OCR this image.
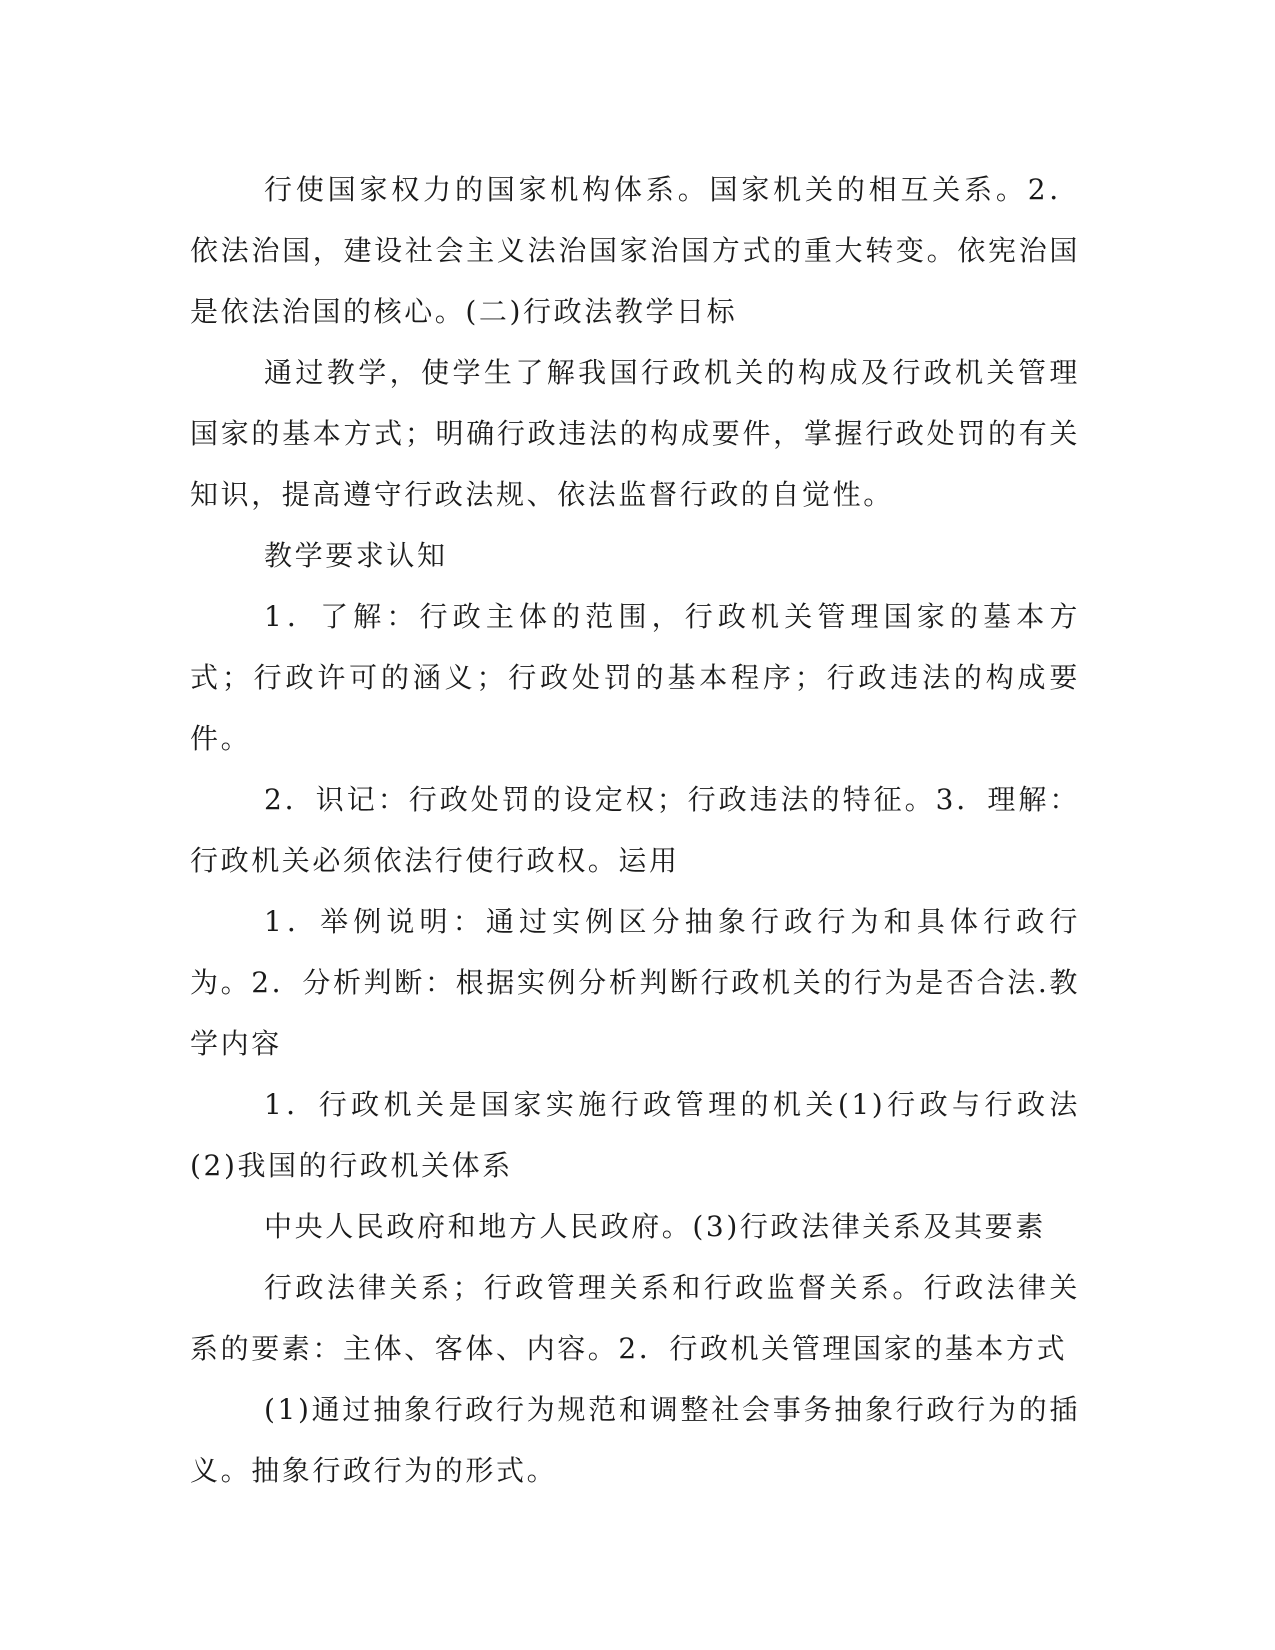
行使国家权力的国家机构体系。国家机关的相互关系。2．依法治国，建设社会主义法治国家治国方式的重大转变。依宪治国是依法治国的核心。(二)行政法教学日标

通过教学，使学生了解我国行政机关的构成及行政机关管理国家的基本方式；明确行政违法的构成要件，掌握行政处罚的有关知识，提高遵守行政法规、依法监督行政的自觉性。

教学要求认知

1．了解：行政主体的范围，行政机关管理国家的墓本方式；行政许可的涵义；行政处罚的基本程序；行政违法的构成要件。

2．识记：行政处罚的设定权；行政违法的特征。3．理解：行政机关必须依法行使行政权。运用

1．举例说明：通过实例区分抽象行政行为和具体行政行为。2．分析判断：根据实例分析判断行政机关的行为是否合法.教学内容

1．行政机关是国家实施行政管理的机关(1)行政与行政法(2)我国的行政机关体系

中央人民政府和地方人民政府。(3)行政法律关系及其要素

行政法律关系；行政管理关系和行政监督关系。行政法律关系的要素：主体、客体、内容。2．行政机关管理国家的基本方式

(1)通过抽象行政行为规范和调整社会事务抽象行政行为的插义。抽象行政行为的形式。
